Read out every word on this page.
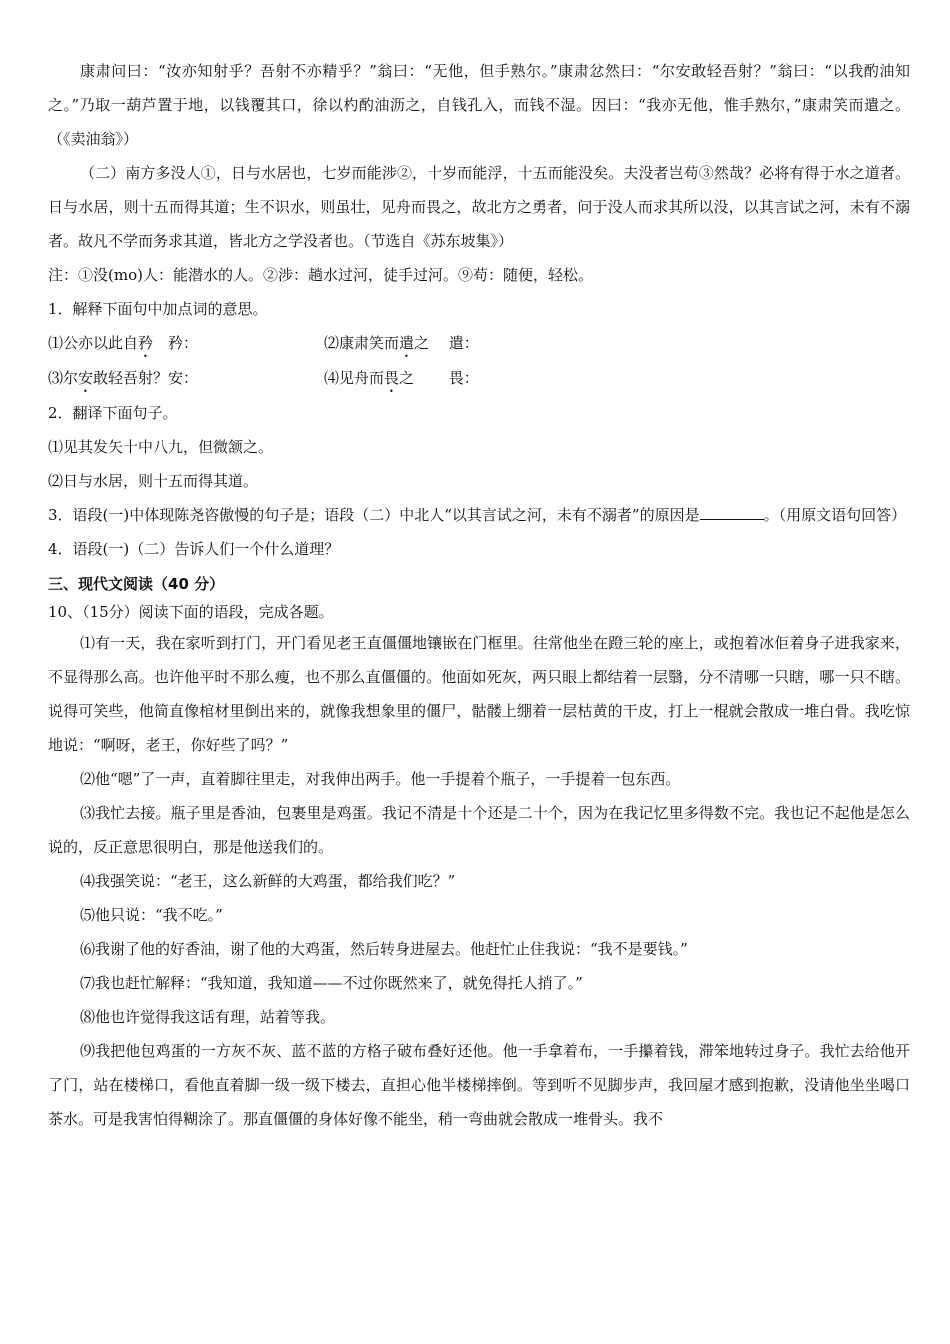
康肃问曰：“汝亦知射乎？吾射不亦精乎？”翁曰：“无他，但手熟尔。”康肃忿然曰：“尔安敢轻吾射？”翁曰：“以我酌油知之。”乃取一葫芦置于地，以钱覆其口，徐以杓酌油沥之，自钱孔入，而钱不湿。因曰：“我亦无他，惟手熟尔，”康肃笑而遣之。（《卖油翁》）

（二）南方多没人①，日与水居也，七岁而能涉②，十岁而能浮，十五而能没矣。夫没者岂苟③然哉？必将有得于水之道者。日与水居，则十五而得其道；生不识水，则虽壮，见舟而畏之，故北方之勇者，问于没人而求其所以没，以其言试之河，未有不溺者。故凡不学而务求其道，皆北方之学没者也。（节选自《苏东坡集》）

注：①没(mo)人：能潜水的人。②涉：趟水过河，徒手过河。⑨苟：随便，轻松。

1．解释下面句中加点词的意思。

⑴公亦以此自矜　矜：	⑵康肃笑而遣之　 遣：
⑶尔安敢轻吾射？安：	⑷见舟而畏之　　 畏：

2．翻译下面句子。

⑴见其发矢十中八九，但微颔之。

⑵日与水居，则十五而得其道。

3．语段(一)中体现陈尧咨傲慢的句子是；语段（二）中北人“以其言试之河，未有不溺者”的原因是	。（用原文语句回答）

4．语段(一)（二）告诉人们一个什么道理？

三、现代文阅读（40 分）

10、（15分）阅读下面的语段，完成各题。

⑴有一天，我在家听到打门，开门看见老王直僵僵地镶嵌在门框里。往常他坐在蹬三轮的座上，或抱着冰佢着身子进我家来，不显得那么高。也许他平时不那么瘦，也不那么直僵僵的。他面如死灰，两只眼上都结着一层翳，分不清哪一只瞎，哪一只不瞎。说得可笑些，他简直像棺材里倒出来的，就像我想象里的僵尸，骷髅上绷着一层枯黄的干皮，打上一棍就会散成一堆白骨。我吃惊地说：“啊呀，老王，你好些了吗？”

⑵他“嗯”了一声，直着脚往里走，对我伸出两手。他一手提着个瓶子，一手提着一包东西。

⑶我忙去接。瓶子里是香油，包裹里是鸡蛋。我记不清是十个还是二十个，因为在我记忆里多得数不完。我也记不起他是怎么说的，反正意思很明白，那是他送我们的。

⑷我强笑说：“老王，这么新鲜的大鸡蛋，都给我们吃？”

⑸他只说：“我不吃。”

⑹我谢了他的好香油，谢了他的大鸡蛋，然后转身进屋去。他赶忙止住我说：“我不是要钱。”

⑺我也赶忙解释：“我知道，我知道——不过你既然来了，就免得托人捎了。”

⑻他也许觉得我这话有理，站着等我。

⑼我把他包鸡蛋的一方灰不灰、蓝不蓝的方格子破布叠好还他。他一手拿着布，一手攥着钱，滞笨地转过身子。我忙去给他开了门，站在楼梯口，看他直着脚一级一级下楼去，直担心他半楼梯摔倒。等到听不见脚步声，我回屋才感到抱歉，没请他坐坐喝口茶水。可是我害怕得糊涂了。那直僵僵的身体好像不能坐，稍一弯曲就会散成一堆骨头。我不
